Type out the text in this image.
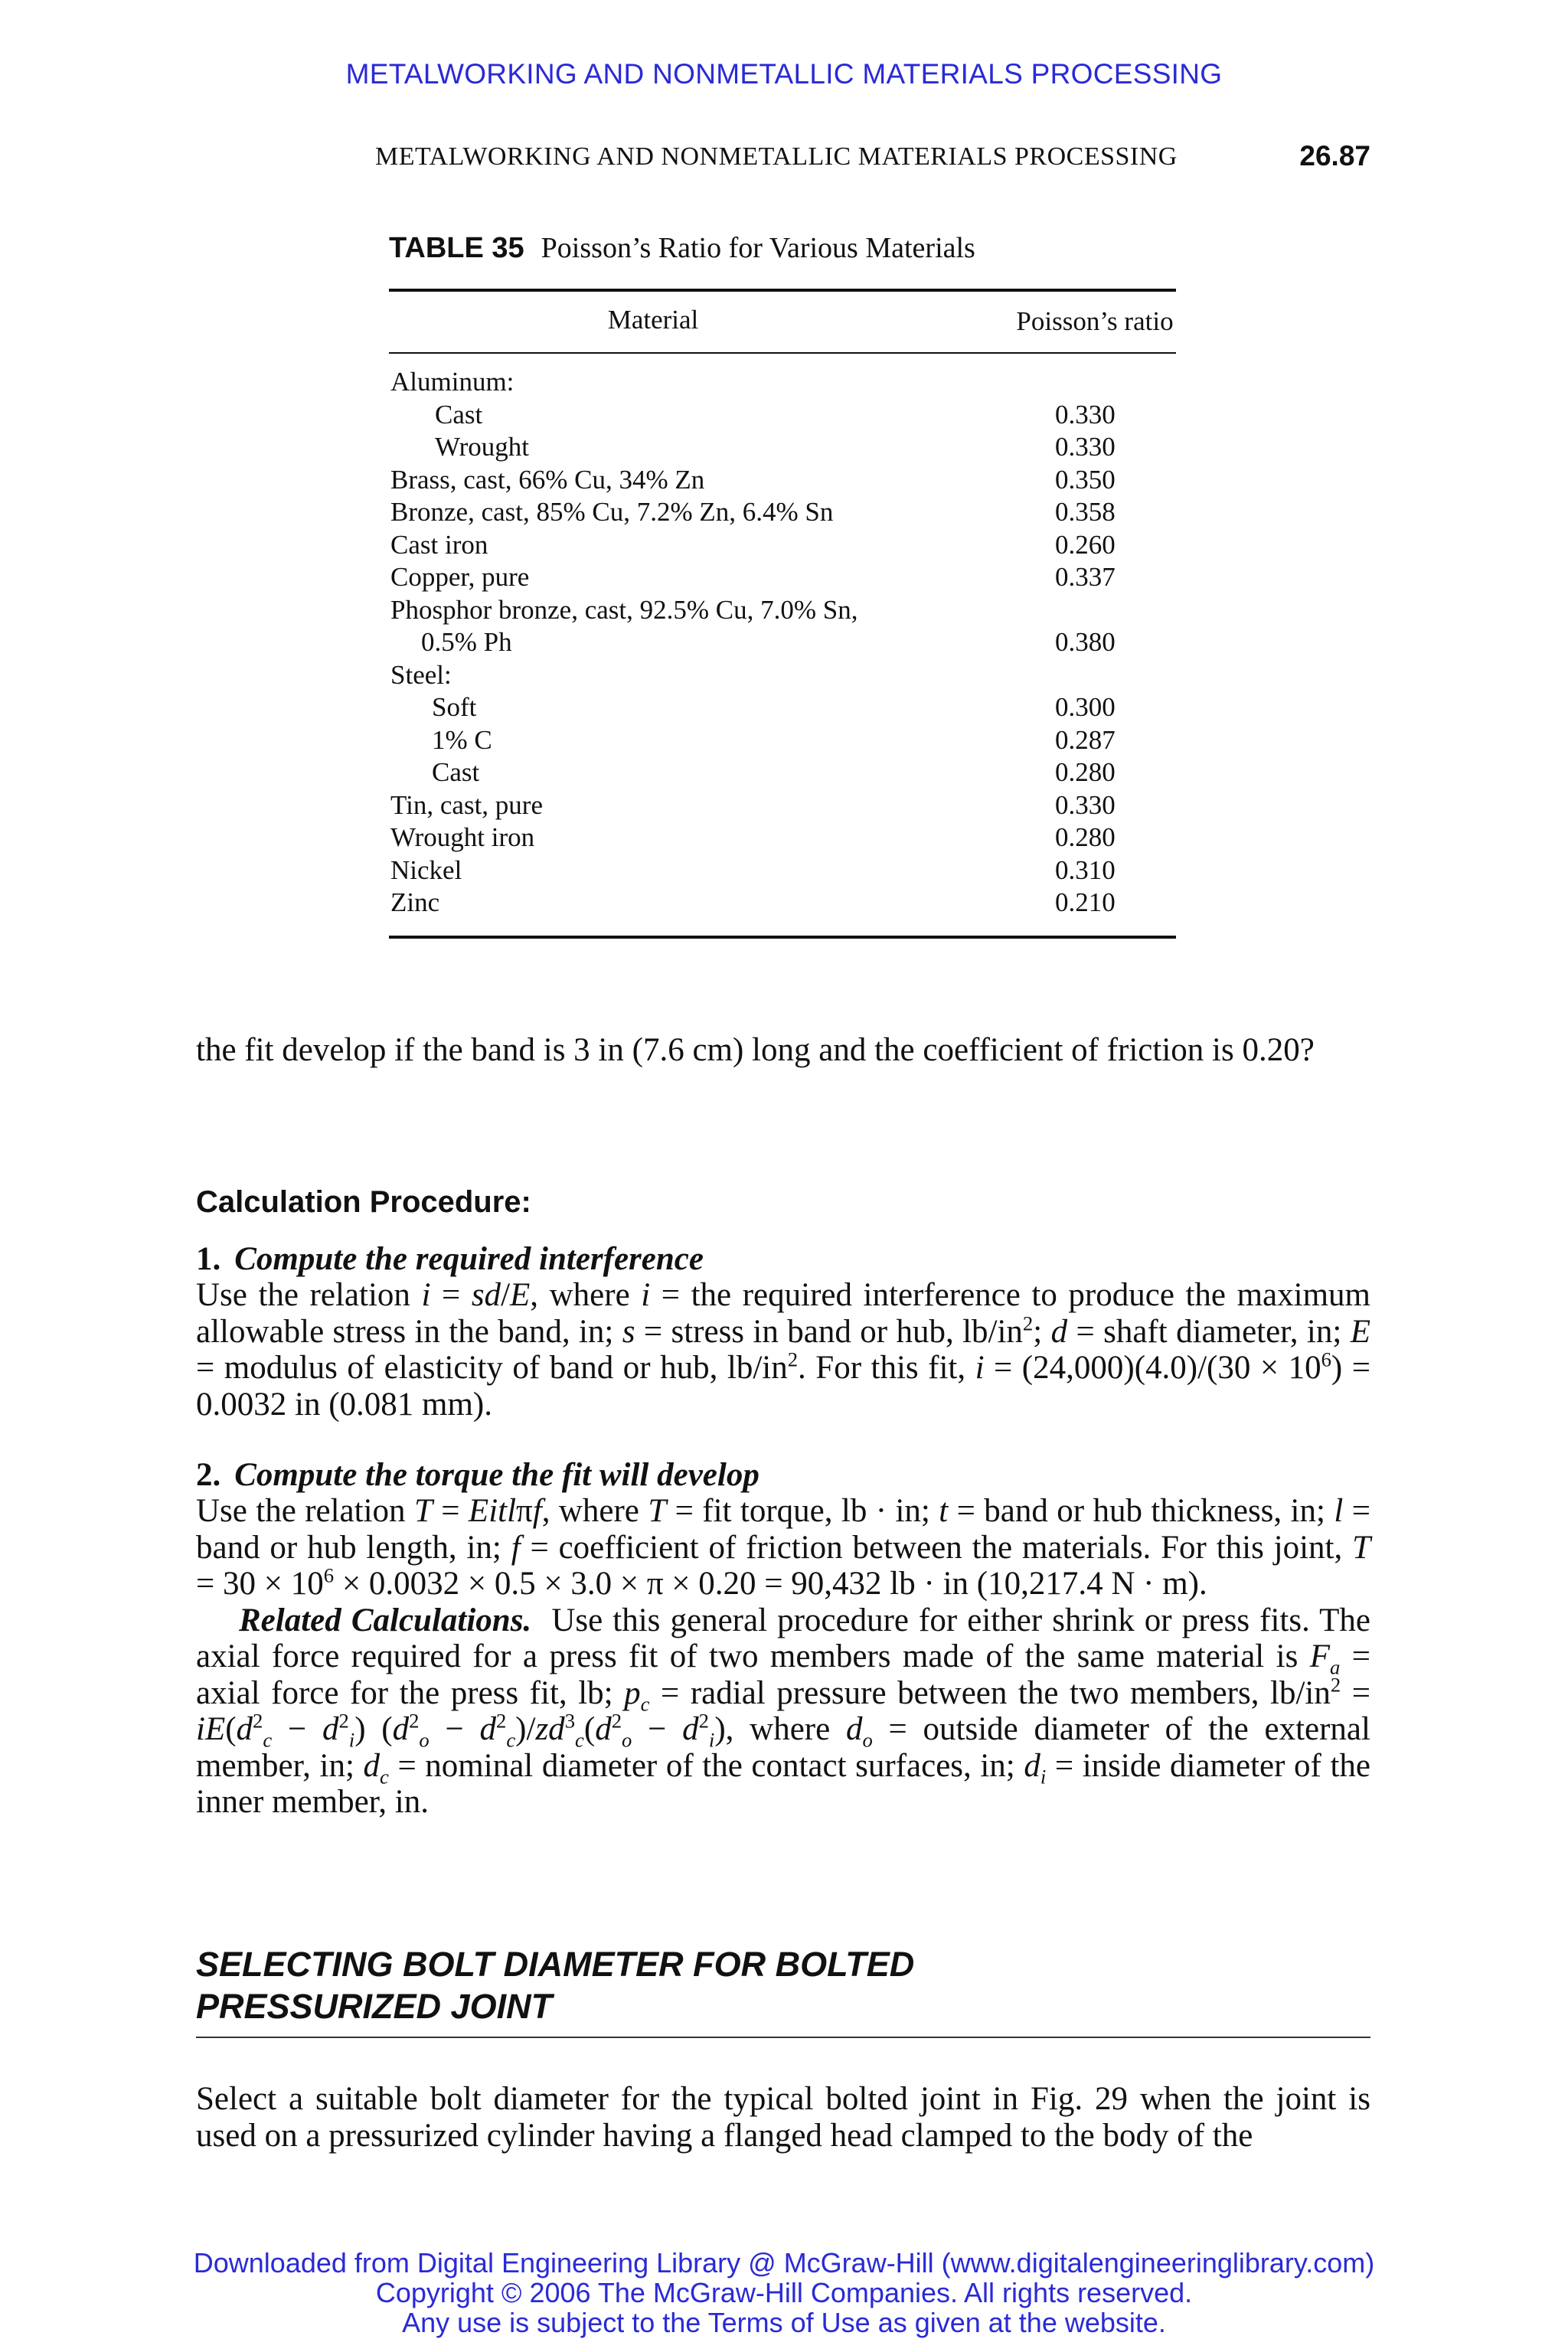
METALWORKING AND NONMETALLIC MATERIALS PROCESSING
METALWORKING AND NONMETALLIC MATERIALS PROCESSING	26.87
TABLE 35 Poisson’s Ratio for Various Materials
Material	Poisson’s ratio
Aluminum:
Cast	0.330
Wrought	0.330
Brass, cast, 66% Cu, 34% Zn	0.350
Bronze, cast, 85% Cu, 7.2% Zn, 6.4% Sn	0.358
Cast iron	0.260
Copper, pure	0.337
Phosphor bronze, cast, 92.5% Cu, 7.0% Sn,
0.5% Ph	0.380
Steel:
Soft	0.300
1% C	0.287
Cast	0.280
Tin, cast, pure	0.330
Wrought iron	0.280
Nickel	0.310
Zinc	0.210

the fit develop if the band is 3 in (7.6 cm) long and the coefficient of friction is 0.20?

Calculation Procedure:
1. Compute the required interference

Use the relation i = sd/E, where i = the required interference to produce the maximum allowable stress in the band, in; s = stress in band or hub, $lb/in^2$; d = shaft diameter, in; E = modulus of elasticity of band or hub, $lb/in^2$. For this fit, $i = (24,000)(4.0)/(30 \times 10^6) = 0.0032$ in (0.081 mm).

2. Compute the torque the fit will develop

Use the relation T = Eitlπf, where T = fit torque, lb · in; t = band or hub thickness, in; l = band or hub length, in; f = coefficient of friction between the materials. For this joint, $T = 30 \times 10^6 \times 0.0032 \times 0.5 \times 3.0 \times \pi \times 0.20 = 90,432$ lb · in (10,217.4 N · m).

Related Calculations. Use this general procedure for either shrink or press fits. The axial force required for a press fit of two members made of the same material is $F_a$ = axial force for the press fit, lb; $p_c$ = radial pressure between the two members, $lb/in^2 = iE(d^2_c - d^2_i) (d^2_o - d^2_c)/zd^3_c(d^2_o - d^2_i)$, where $d_o$ = outside diameter of the external member, in; $d_c$ = nominal diameter of the contact surfaces, in; $d_i$ = inside diameter of the inner member, in.

SELECTING BOLT DIAMETER FOR BOLTED
PRESSURIZED JOINT

Select a suitable bolt diameter for the typical bolted joint in Fig. 29 when the joint is used on a pressurized cylinder having a flanged head clamped to the body of the

Downloaded from Digital Engineering Library @ McGraw-Hill (www.digitalengineeringlibrary.com)
Copyright © 2006 The McGraw-Hill Companies. All rights reserved.
Any use is subject to the Terms of Use as given at the website.
